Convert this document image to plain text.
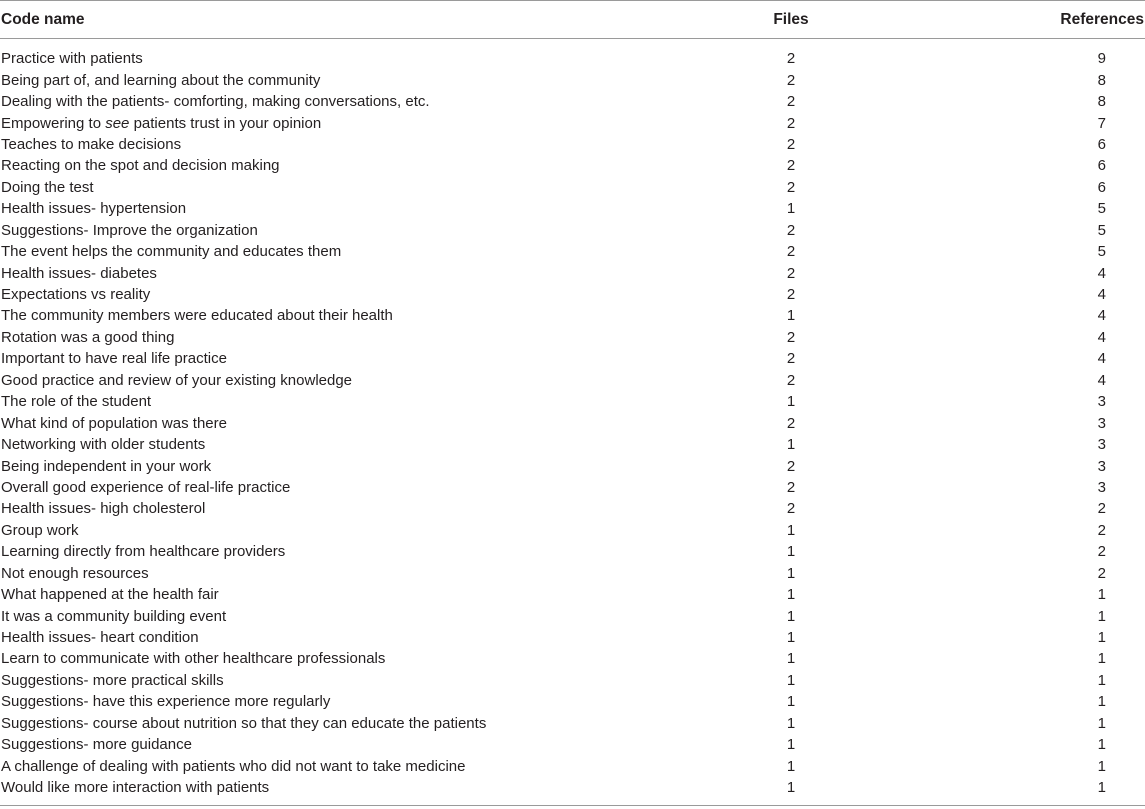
Code name	Files	References
Practice with patients	2	9
Being part of, and learning about the community	2	8
Dealing with the patients- comforting, making conversations, etc.	2	8
Empowering to see patients trust in your opinion	2	7
Teaches to make decisions	2	6
Reacting on the spot and decision making	2	6
Doing the test	2	6
Health issues- hypertension	1	5
Suggestions- Improve the organization	2	5
The event helps the community and educates them	2	5
Health issues- diabetes	2	4
Expectations vs reality	2	4
The community members were educated about their health	1	4
Rotation was a good thing	2	4
Important to have real life practice	2	4
Good practice and review of your existing knowledge	2	4
The role of the student	1	3
What kind of population was there	2	3
Networking with older students	1	3
Being independent in your work	2	3
Overall good experience of real-life practice	2	3
Health issues- high cholesterol	2	2
Group work	1	2
Learning directly from healthcare providers	1	2
Not enough resources	1	2
What happened at the health fair	1	1
It was a community building event	1	1
Health issues- heart condition	1	1
Learn to communicate with other healthcare professionals	1	1
Suggestions- more practical skills	1	1
Suggestions- have this experience more regularly	1	1
Suggestions- course about nutrition so that they can educate the patients	1	1
Suggestions- more guidance	1	1
A challenge of dealing with patients who did not want to take medicine	1	1
Would like more interaction with patients	1	1
